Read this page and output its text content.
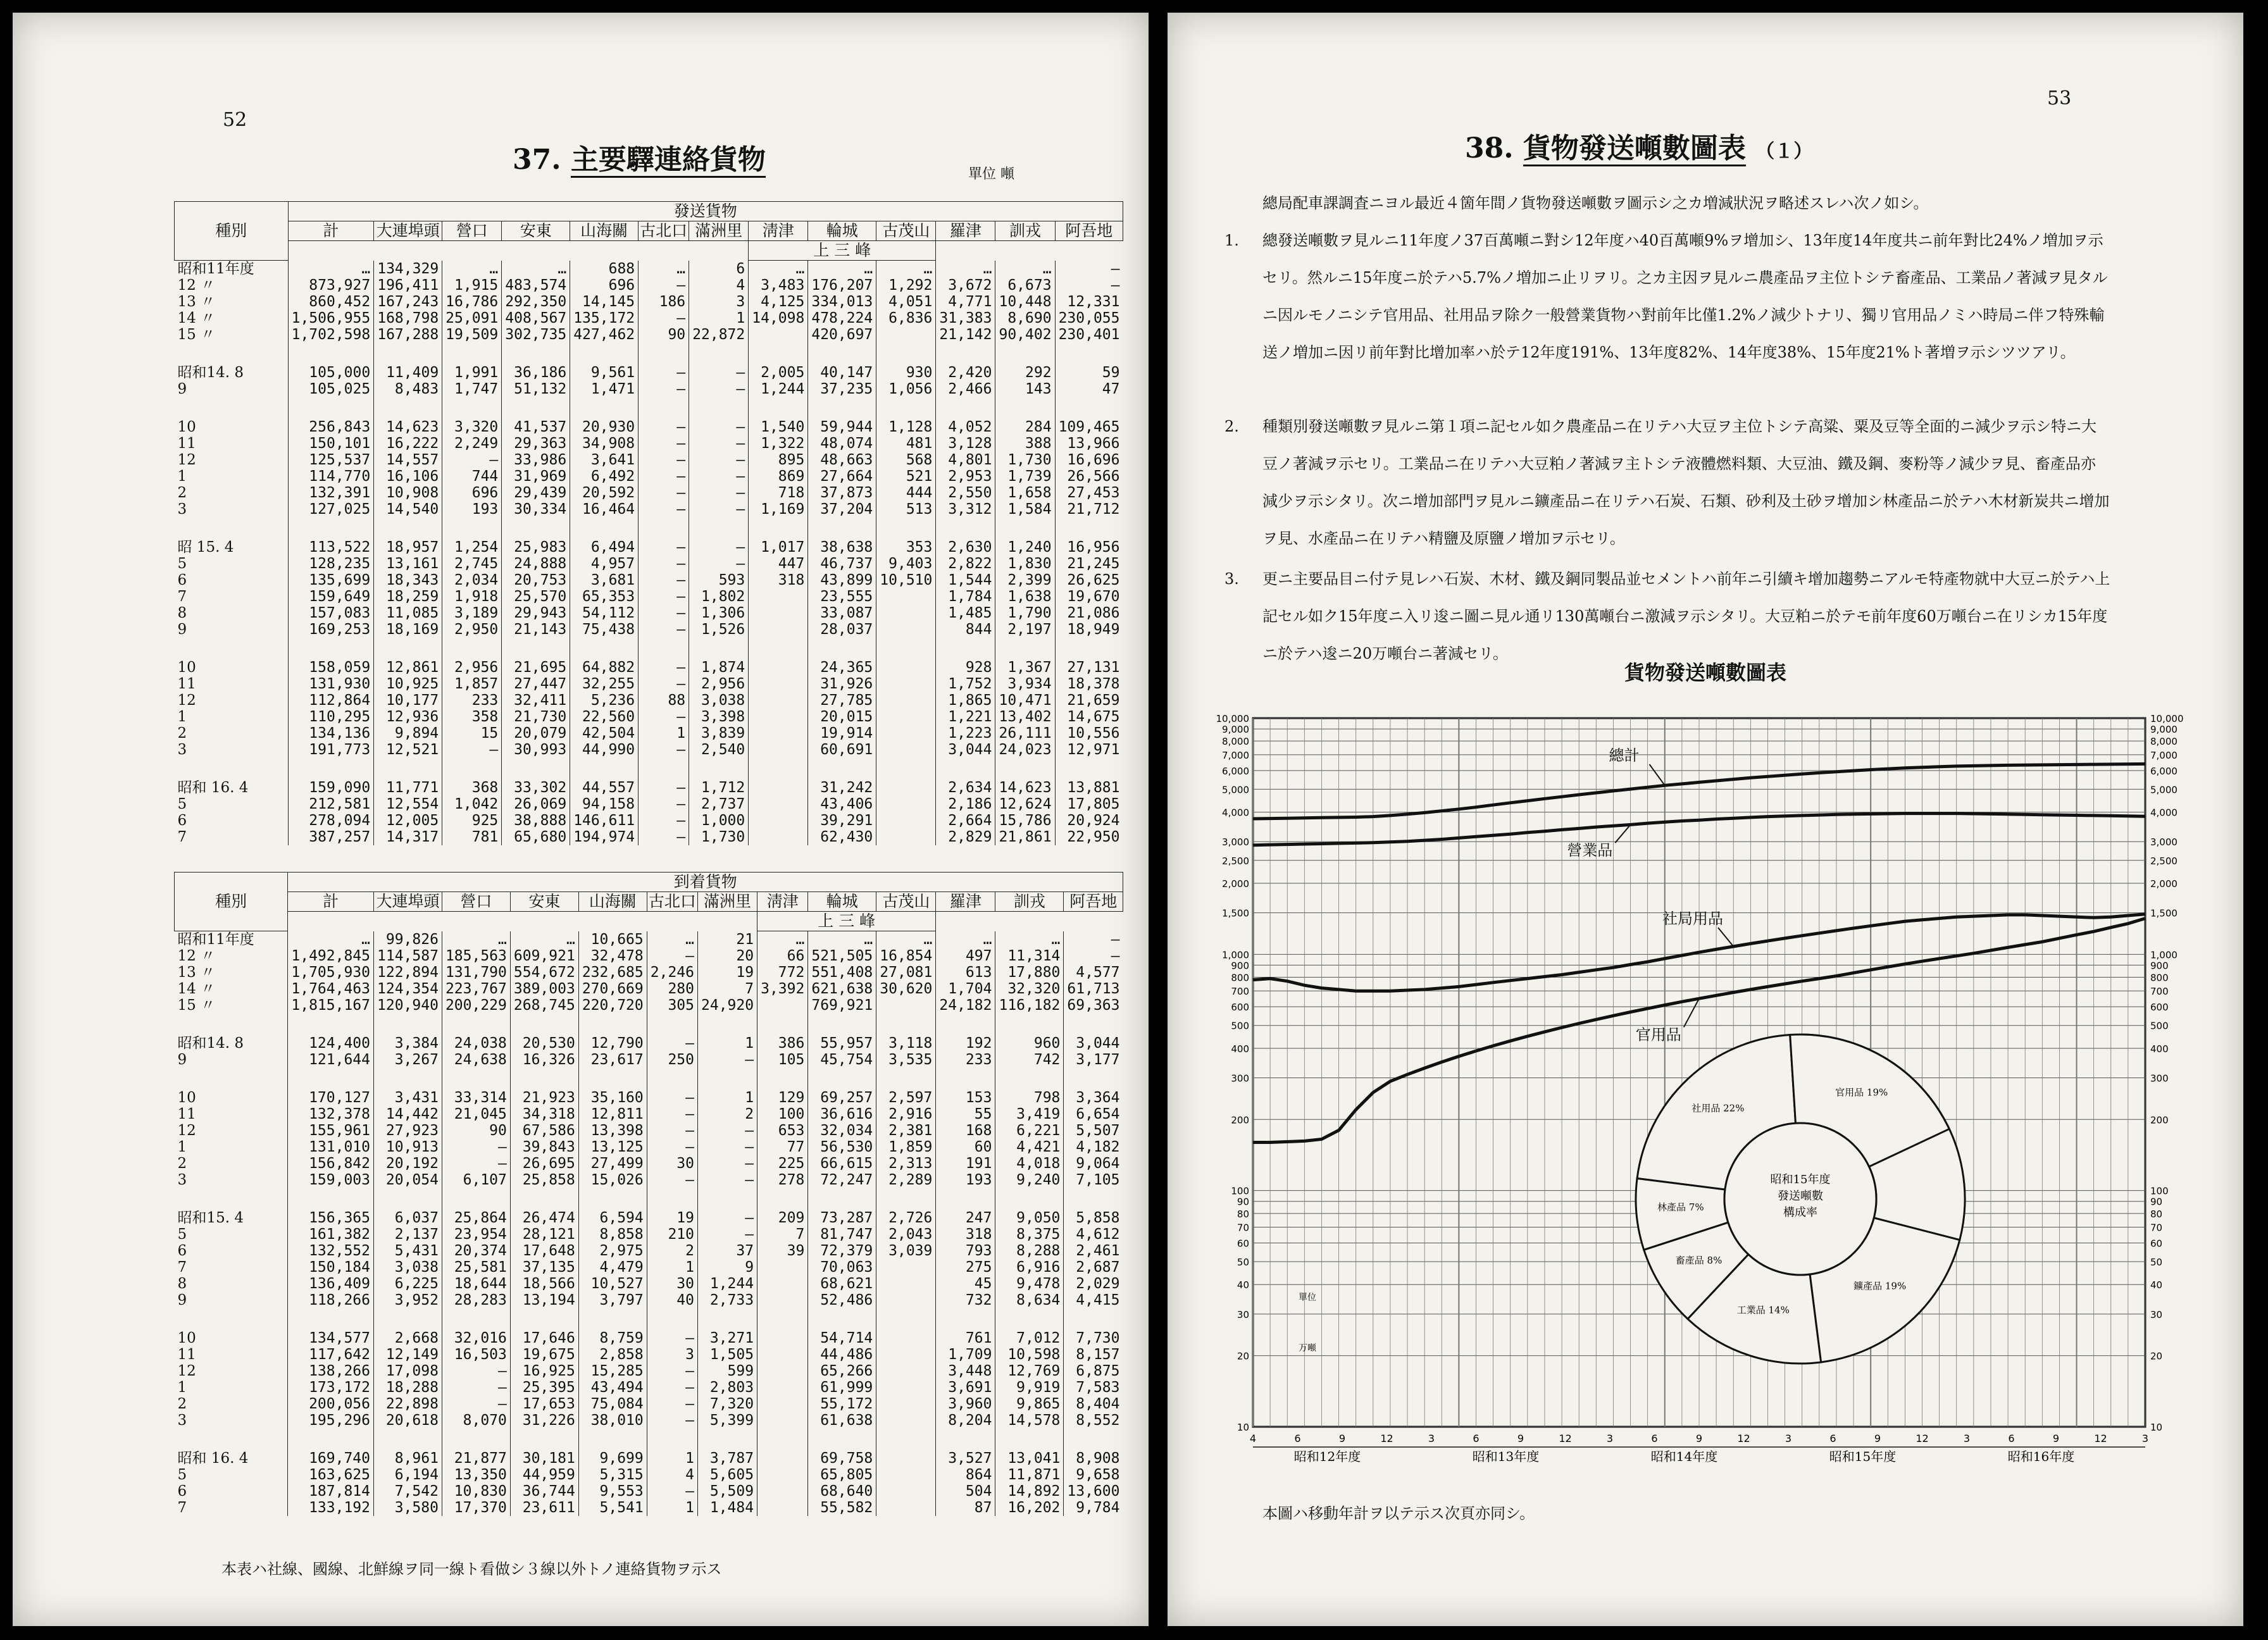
52
37. 主要驛連絡貨物	單位 噸
種別	發送貨物												
	計	大連埠頭	營口	安東	山海關	古北口	滿洲里	淸津	輪城	古茂山	羅津	訓戎	阿吾地
								上 三 峰					
昭和11年度	…	134,329	…	…	688	…	6	…	…	…	…	…	—
12 〃	873,927	196,411	1,915	483,574	696	—	4	3,483	176,207	1,292	3,672	6,673	—
13 〃	860,452	167,243	16,786	292,350	14,145	186	3	4,125	334,013	4,051	4,771	10,448	12,331
14 〃	1,506,955	168,798	25,091	408,567	135,172	—	1	14,098	478,224	6,836	31,383	8,690	230,055
15 〃	1,702,598	167,288	19,509	302,735	427,462	90	22,872		420,697		21,142	90,402	230,401

昭和14. 8	105,000	11,409	1,991	36,186	9,561	—	—	2,005	40,147	930	2,420	292	59
9	105,025	8,483	1,747	51,132	1,471	—	—	1,244	37,235	1,056	2,466	143	47

10	256,843	14,623	3,320	41,537	20,930	—	—	1,540	59,944	1,128	4,052	284	109,465
11	150,101	16,222	2,249	29,363	34,908	—	—	1,322	48,074	481	3,128	388	13,966
12	125,537	14,557	—	33,986	3,641	—	—	895	48,663	568	4,801	1,730	16,696
1	114,770	16,106	744	31,969	6,492	—	—	869	27,664	521	2,953	1,739	26,566
2	132,391	10,908	696	29,439	20,592	—	—	718	37,873	444	2,550	1,658	27,453
3	127,025	14,540	193	30,334	16,464	—	—	1,169	37,204	513	3,312	1,584	21,712

昭 15. 4	113,522	18,957	1,254	25,983	6,494	—	—	1,017	38,638	353	2,630	1,240	16,956
5	128,235	13,161	2,745	24,888	4,957	—	—	447	46,737	9,403	2,822	1,830	21,245
6	135,699	18,343	2,034	20,753	3,681	—	593	318	43,899	10,510	1,544	2,399	26,625
7	159,649	18,259	1,918	25,570	65,353	—	1,802		23,555		1,784	1,638	19,670
8	157,083	11,085	3,189	29,943	54,112	—	1,306		33,087		1,485	1,790	21,086
9	169,253	18,169	2,950	21,143	75,438	—	1,526		28,037		844	2,197	18,949

10	158,059	12,861	2,956	21,695	64,882	—	1,874		24,365		928	1,367	27,131
11	131,930	10,925	1,857	27,447	32,255	—	2,956		31,926		1,752	3,934	18,378
12	112,864	10,177	233	32,411	5,236	88	3,038		27,785		1,865	10,471	21,659
1	110,295	12,936	358	21,730	22,560	—	3,398		20,015		1,221	13,402	14,675
2	134,136	9,894	15	20,079	42,504	1	3,839		19,914		1,223	26,111	10,556
3	191,773	12,521	—	30,993	44,990	—	2,540		60,691		3,044	24,023	12,971

昭和 16. 4	159,090	11,771	368	33,302	44,557	—	1,712		31,242		2,634	14,623	13,881
5	212,581	12,554	1,042	26,069	94,158	—	2,737		43,406		2,186	12,624	17,805
6	278,094	12,005	925	38,888	146,611	—	1,000		39,291		2,664	15,786	20,924
7	387,257	14,317	781	65,680	194,974	—	1,730		62,430		2,829	21,861	22,950
種別	到着貨物												
	計	大連埠頭	營口	安東	山海關	古北口	滿洲里	淸津	輪城	古茂山	羅津	訓戎	阿吾地
								上 三 峰					
昭和11年度	…	99,826	…	…	10,665	…	21	…	…	…	…	…	—
12 〃	1,492,845	114,587	185,563	609,921	32,478	—	20	66	521,505	16,854	497	11,314	—
13 〃	1,705,930	122,894	131,790	554,672	232,685	2,246	19	772	551,408	27,081	613	17,880	4,577
14 〃	1,764,463	124,354	223,767	389,003	270,669	280	7	3,392	621,638	30,620	1,704	32,320	61,713
15 〃	1,815,167	120,940	200,229	268,745	220,720	305	24,920		769,921		24,182	116,182	69,363

昭和14. 8	124,400	3,384	24,038	20,530	12,790	—	1	386	55,957	3,118	192	960	3,044
9	121,644	3,267	24,638	16,326	23,617	250	—	105	45,754	3,535	233	742	3,177

10	170,127	3,431	33,314	21,923	35,160	—	1	129	69,257	2,597	153	798	3,364
11	132,378	14,442	21,045	34,318	12,811	—	2	100	36,616	2,916	55	3,419	6,654
12	155,961	27,923	90	67,586	13,398	—	—	653	32,034	2,381	168	6,221	5,507
1	131,010	10,913	—	39,843	13,125	—	—	77	56,530	1,859	60	4,421	4,182
2	156,842	20,192	—	26,695	27,499	30	—	225	66,615	2,313	191	4,018	9,064
3	159,003	20,054	6,107	25,858	15,026	—	—	278	72,247	2,289	193	9,240	7,105

昭和15. 4	156,365	6,037	25,864	26,474	6,594	19	—	209	73,287	2,726	247	9,050	5,858
5	161,382	2,137	23,954	28,121	8,858	210	—	7	81,747	2,043	318	8,375	4,612
6	132,552	5,431	20,374	17,648	2,975	2	37	39	72,379	3,039	793	8,288	2,461
7	150,184	3,038	25,581	37,135	4,479	1	9		70,063		275	6,916	2,687
8	136,409	6,225	18,644	18,566	10,527	30	1,244		68,621		45	9,478	2,029
9	118,266	3,952	28,283	13,194	3,797	40	2,733		52,486		732	8,634	4,415

10	134,577	2,668	32,016	17,646	8,759	—	3,271		54,714		761	7,012	7,730
11	117,642	12,149	16,503	19,675	2,858	3	1,505		44,486		1,709	10,598	8,157
12	138,266	17,098	—	16,925	15,285	—	599		65,266		3,448	12,769	6,875
1	173,172	18,288	—	25,395	43,494	—	2,803		61,999		3,691	9,919	7,583
2	200,056	22,898	—	17,653	75,084	—	7,320		55,172		3,960	9,865	8,404
3	195,296	20,618	8,070	31,226	38,010	—	5,399		61,638		8,204	14,578	8,552

昭和 16. 4	169,740	8,961	21,877	30,181	9,699	1	3,787		69,758		3,527	13,041	8,908
5	163,625	6,194	13,350	44,959	5,315	4	5,605		65,805		864	11,871	9,658
6	187,814	7,542	10,830	36,744	9,553	—	5,509		68,640		504	14,892	13,600
7	133,192	3,580	17,370	23,611	5,541	1	1,484		55,582		87	16,202	9,784
本表ハ社線、國線、北鮮線ヲ同一線ト看做シ３線以外トノ連絡貨物ヲ示ス
53
38. 貨物發送噸數圖表 （１）
總局配車課調査ニヨル最近４箇年間ノ貨物發送噸數ヲ圖示シ之カ増減狀況ヲ略述スレハ次ノ如シ。
1. 總發送噸數ヲ見ルニ11年度ノ37百萬噸ニ對シ12年度ハ40百萬噸9%ヲ增加シ、13年度14年度共ニ前年對比24%ノ増加ヲ示セリ。然ルニ15年度ニ於テハ5.7%ノ増加ニ止リヲリ。之カ主因ヲ見ルニ農產品ヲ主位トシテ畜產品、工業品ノ著減ヲ見タルニ因ルモノニシテ官用品、社用品ヲ除ク一般營業貨物ハ對前年比僅1.2%ノ減少トナリ、獨リ官用品ノミハ時局ニ伴フ特殊輸送ノ増加ニ因リ前年對比增加率ハ於テ12年度191%、13年度82%、14年度38%、15年度21%ト著増ヲ示シツツアリ。
2. 種類別發送噸數ヲ見ルニ第１項ニ記セル如ク農產品ニ在リテハ大豆ヲ主位トシテ高粱、粟及豆等全面的ニ減少ヲ示シ特ニ大豆ノ著減ヲ示セリ。工業品ニ在リテハ大豆粕ノ著減ヲ主トシテ液體燃料類、大豆油、鐵及鋼、麥粉等ノ減少ヲ見、畜產品亦減少ヲ示シタリ。次ニ增加部門ヲ見ルニ鑛產品ニ在リテハ石炭、石類、砂利及土砂ヲ增加シ林產品ニ於テハ木材新炭共ニ增加ヲ見、水產品ニ在リテハ精鹽及原鹽ノ增加ヲ示セリ。
3. 更ニ主要品目ニ付テ見レハ石炭、木材、鐵及鋼同製品並セメントハ前年ニ引續キ增加趨勢ニアルモ特產物就中大豆ニ於テハ上記セル如ク15年度ニ入リ逡ニ圖ニ見ル通リ130萬噸台ニ激減ヲ示シタリ。大豆粕ニ於テモ前年度60万噸台ニ在リシカ15年度ニ於テハ逡ニ20万噸台ニ著減セリ。
貨物發送噸數圖表
10,000	10,000
9,000	9,000
8,000	8,000
7,000	7,000
6,000	6,000
5,000	5,000
4,000	4,000
3,000	3,000
2,500	2,500
2,000	2,000
1,500	1,500
1,000	1,000
900	900
800	800
700	700
600	600
500	500
400	400
300	300
200	200
100	100
90	90
80	80
70	70
60	60
50	50
40	40
30	30
20	20
10	10
4	6	9	12	3	6	9	12	3	6	9	12	3	6	9	12	3	6	9	12	3
昭和12年度	昭和13年度	昭和14年度	昭和15年度	昭和16年度
單位
万噸
總計
營業品
社局用品
官用品
鑛產品 19%
工業品 14%
畜產品 8%
林產品 7%
社用品 22%
官用品 19%
昭和15年度
發送噸數
構成率
本圖ハ移動年計ヲ以テ示ス次頁亦同シ。
